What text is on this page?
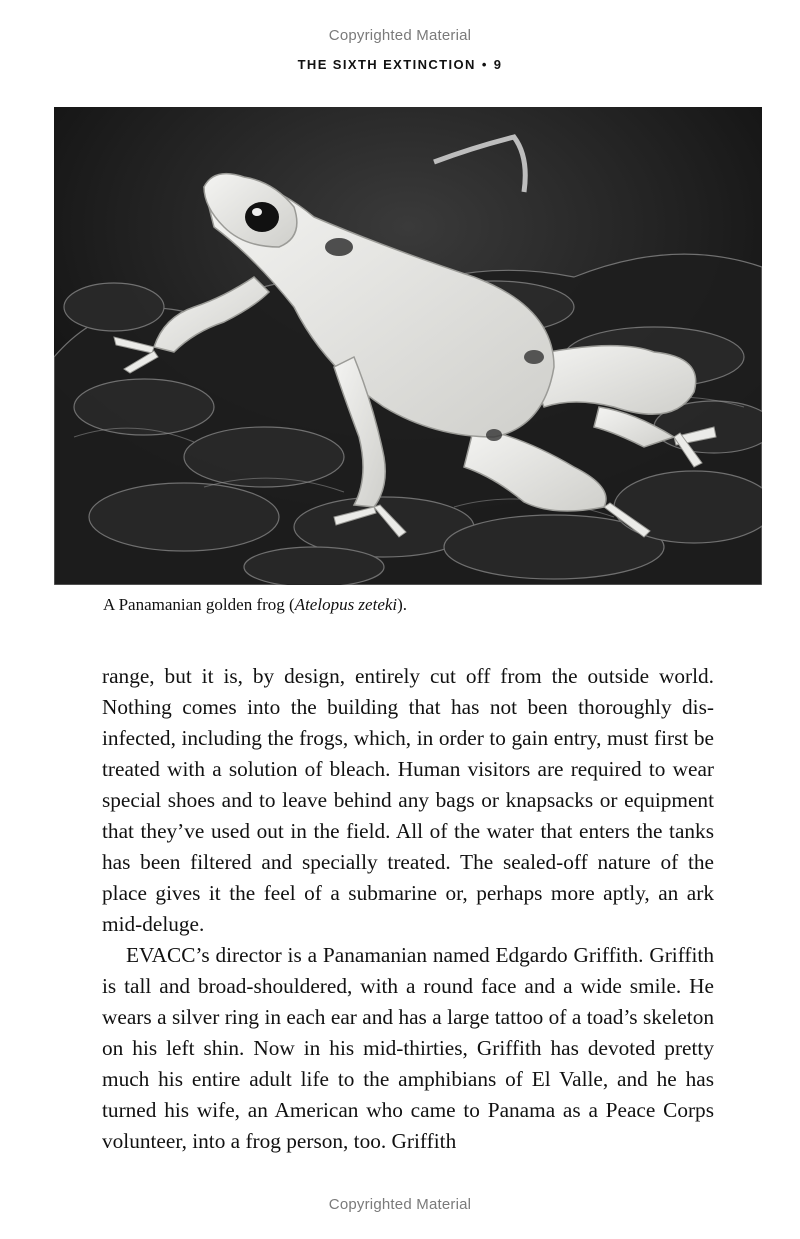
Copyrighted Material
THE SIXTH EXTINCTION • 9
A Panamanian golden frog (Atelopus zeteki).

range, but it is, by design, entirely cut off from the outside world. Nothing comes into the building that has not been thoroughly disinfected, including the frogs, which, in order to gain entry, must first be treated with a solution of bleach. Human visitors are required to wear special shoes and to leave behind any bags or knapsacks or equipment that they’ve used out in the field. All of the water that enters the tanks has been filtered and specially treated. The sealed-off nature of the place gives it the feel of a submarine or, perhaps more aptly, an ark mid-deluge.

EVACC’s director is a Panamanian named Edgardo Griffith. Griffith is tall and broad-shouldered, with a round face and a wide smile. He wears a silver ring in each ear and has a large tattoo of a toad’s skeleton on his left shin. Now in his mid-thirties, Griffith has devoted pretty much his entire adult life to the amphibians of El Valle, and he has turned his wife, an American who came to Panama as a Peace Corps volunteer, into a frog person, too. Griffith

Copyrighted Material
